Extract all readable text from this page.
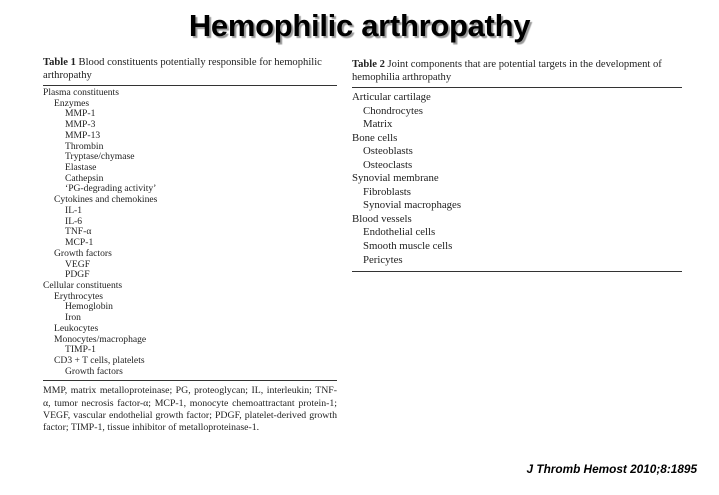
Hemophilic arthropathy
Table 1 Blood constituents potentially responsible for hemophilic arthropathy
Plasma constituents
Enzymes
MMP-1
MMP-3
MMP-13
Thrombin
Tryptase/chymase
Elastase
Cathepsin
‘PG-degrading activity’
Cytokines and chemokines
IL-1
IL-6
TNF-α
MCP-1
Growth factors
VEGF
PDGF
Cellular constituents
Erythrocytes
Hemoglobin
Iron
Leukocytes
Monocytes/macrophage
TIMP-1
CD3 + T cells, platelets
Growth factors
MMP, matrix metalloproteinase; PG, proteoglycan; IL, interleukin; TNF-α, tumor necrosis factor-α; MCP-1, monocyte chemoattractant protein-1; VEGF, vascular endothelial growth factor; PDGF, platelet-derived growth factor; TIMP-1, tissue inhibitor of metalloproteinase-1.
Table 2 Joint components that are potential targets in the development of hemophilia arthropathy
Articular cartilage
Chondrocytes
Matrix
Bone cells
Osteoblasts
Osteoclasts
Synovial membrane
Fibroblasts
Synovial macrophages
Blood vessels
Endothelial cells
Smooth muscle cells
Pericytes
J Thromb Hemost 2010;8:1895
